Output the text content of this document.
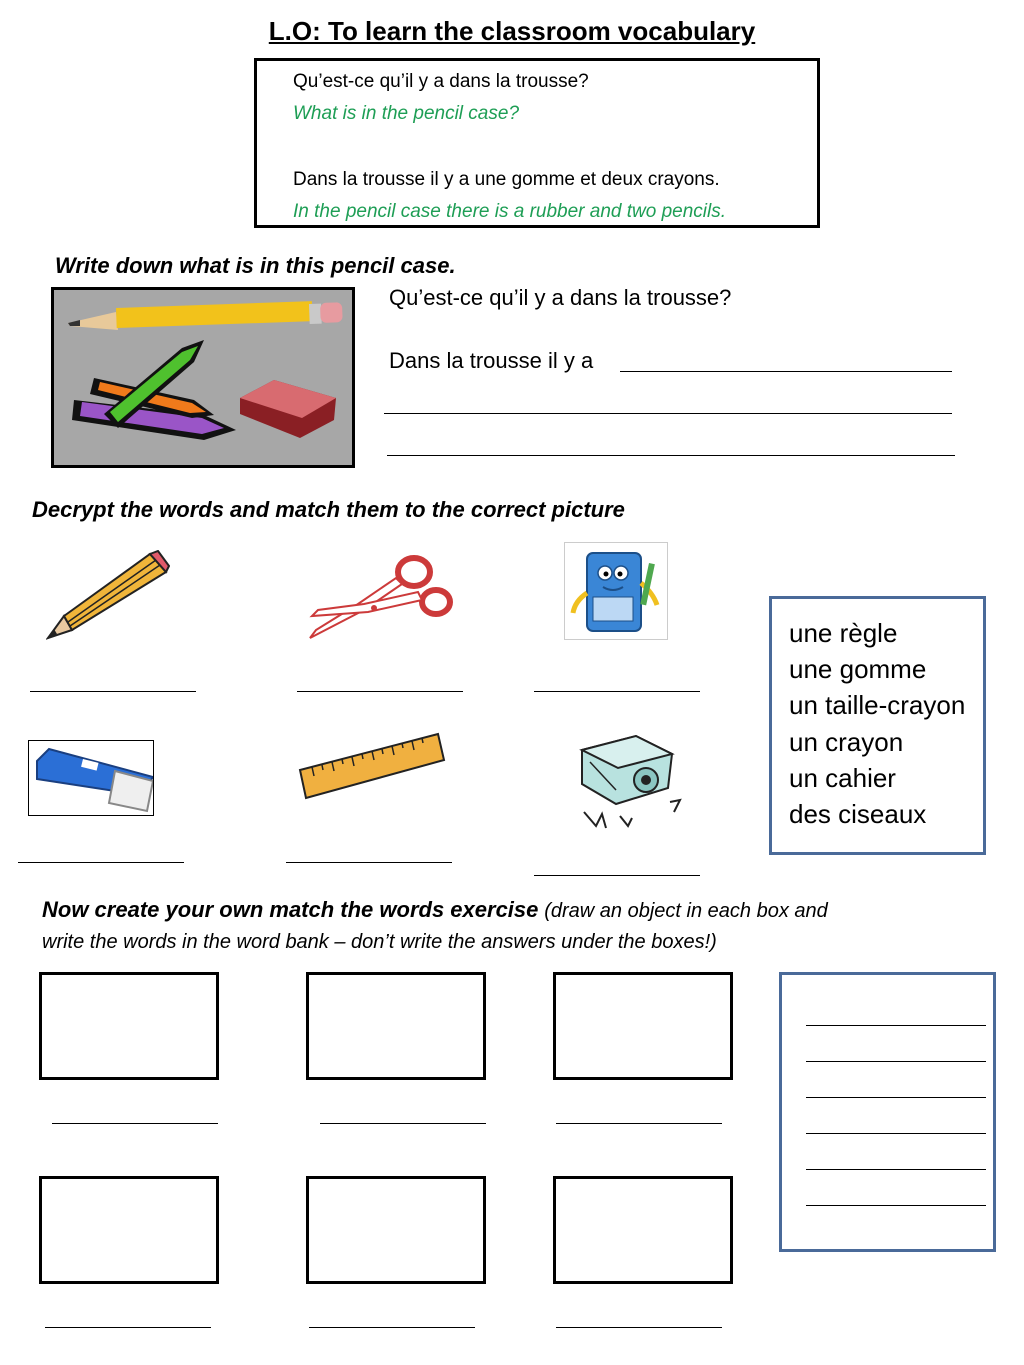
L.O: To learn the classroom vocabulary
Qu’est-ce qu’il y a dans la trousse?
What is in the pencil case?
Dans la trousse il y a une gomme et deux crayons.
In the pencil case there is a rubber and two pencils.
Write down what is in this pencil case.
Qu’est-ce qu’il y a dans la trousse?
Dans la trousse il y a
Decrypt the words and match them to the correct picture
une règle
une gomme
un taille-crayon
un crayon
un cahier
des ciseaux
Now create your own match the words exercise (draw an object in each box and
write the words in the word bank – don’t write the answers under the boxes!)
